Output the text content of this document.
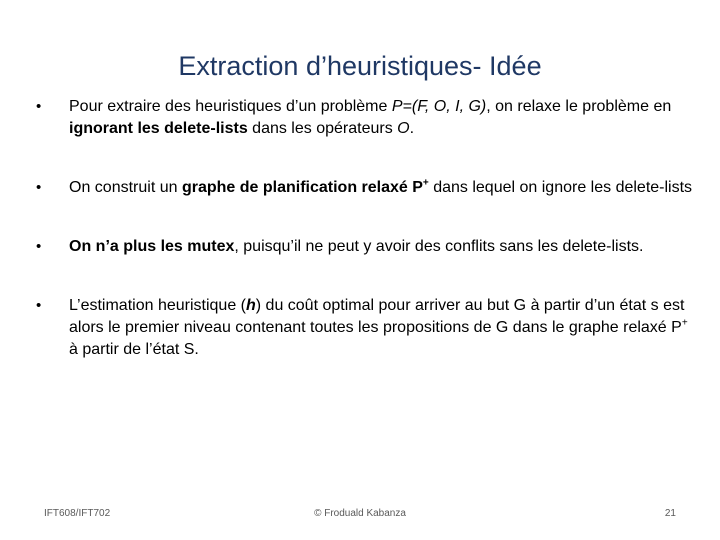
Extraction d’heuristiques- Idée
•	Pour extraire des heuristiques d’un problème P=(F, O, I, G), on relaxe le problème en ignorant les delete-lists dans les opérateurs O.
•	On construit un graphe de planification relaxé P+ dans lequel on ignore les delete-lists
•	On n’a plus les mutex, puisqu’il ne peut y avoir des conflits sans les delete-lists.
•	L’estimation heuristique (h) du coût optimal pour arriver au but G à partir d’un état s est alors le premier niveau contenant toutes les propositions de G dans le graphe relaxé P+ à partir de l’état S.
IFT608/IFT702	© Froduald Kabanza	21
